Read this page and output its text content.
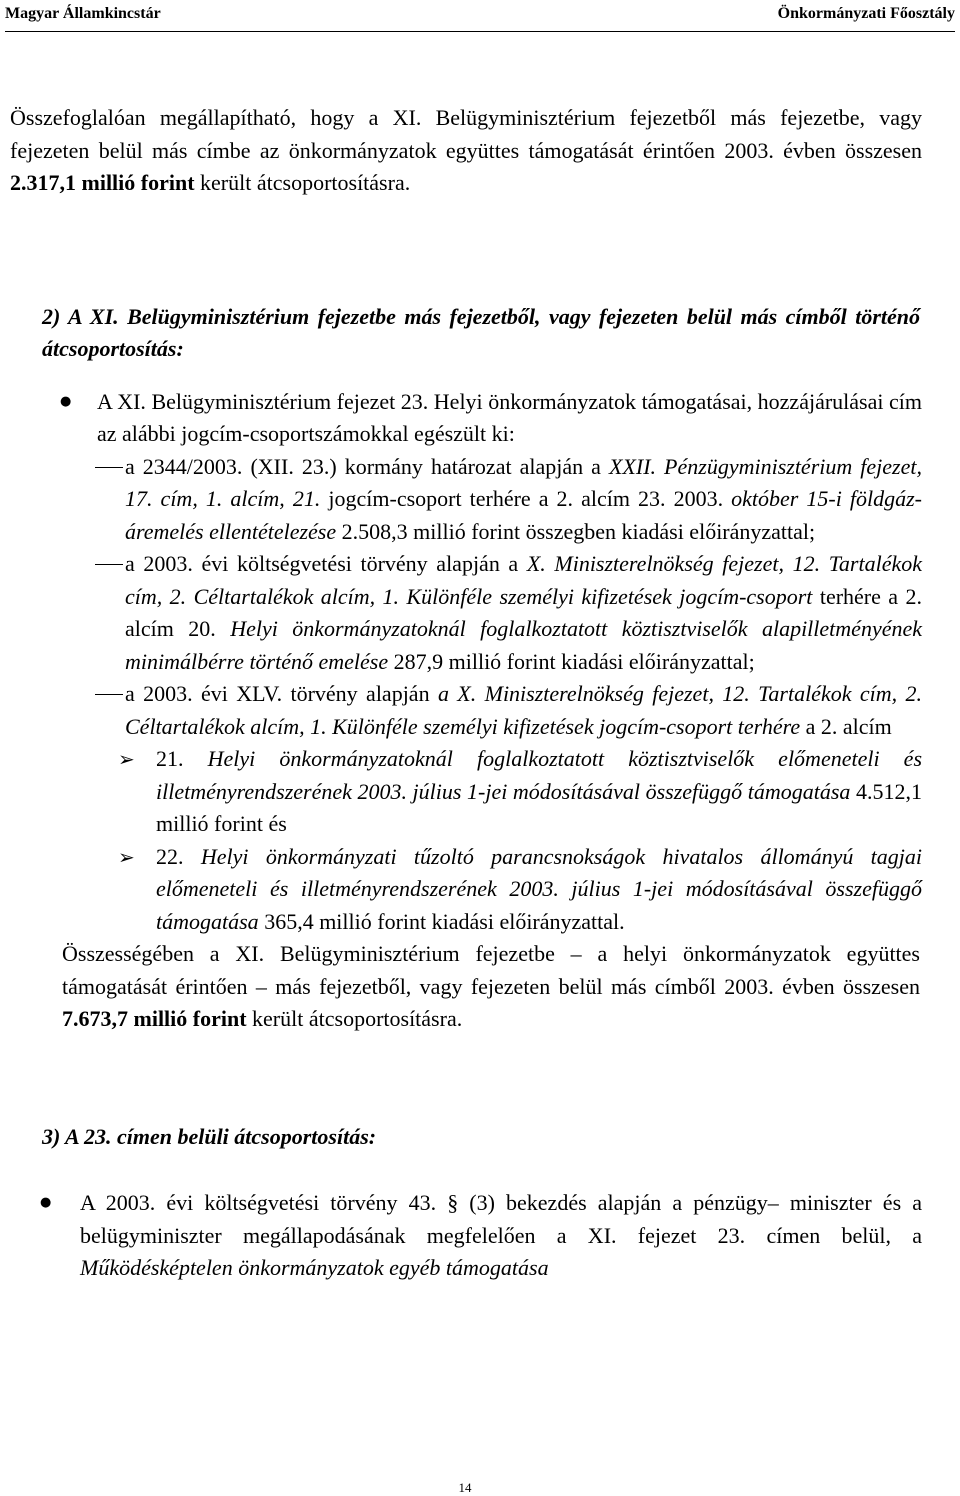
Magyar Államkincstár	Önkormányzati Főosztály

Összefoglalóan megállapítható, hogy a XI. Belügyminisztérium fejezetből más fejezetbe, vagy fejezeten belül más címbe az önkormányzatok együttes támogatását érintően 2003. évben összesen 2.317,1 millió forint került átcsoportosításra.

2) A XI. Belügyminisztérium fejezetbe más fejezetből, vagy fejezeten belül más címből történő átcsoportosítás:

●	A XI. Belügyminisztérium fejezet 23. Helyi önkormányzatok támogatásai, hozzájárulásai cím az alábbi jogcím-csoportszámokkal egészült ki:

a 2344/2003. (XII. 23.) kormány határozat alapján a XXII. Pénzügyminisztérium fejezet, 17. cím, 1. alcím, 21. jogcím-csoport terhére a 2. alcím 23. 2003. október 15-i földgáz-áremelés ellentételezése 2.508,3 millió forint összegben kiadási előirányzattal;

a 2003. évi költségvetési törvény alapján a X. Miniszterelnökség fejezet, 12. Tartalékok cím, 2. Céltartalékok alcím, 1. Különféle személyi kifizetések jogcím-csoport terhére a 2. alcím 20. Helyi önkormányzatoknál foglalkoztatott köztisztviselők alapilletményének minimálbérre történő emelése 287,9 millió forint kiadási előirányzattal;

a 2003. évi XLV. törvény alapján a X. Miniszterelnökség fejezet, 12. Tartalékok cím, 2. Céltartalékok alcím, 1. Különféle személyi kifizetések jogcím-csoport terhére a 2. alcím

➢ 21. Helyi önkormányzatoknál foglalkoztatott köztisztviselők előmeneteli és illetményrendszerének 2003. július 1-jei módosításával összefüggő támogatása 4.512,1 millió forint és

➢ 22. Helyi önkormányzati tűzoltó parancsnokságok hivatalos állományú tagjai előmeneteli és illetményrendszerének 2003. július 1-jei módosításával összefüggő támogatása 365,4 millió forint kiadási előirányzattal.

Összességében a XI. Belügyminisztérium fejezetbe – a helyi önkormányzatok együttes támogatását érintően – más fejezetből, vagy fejezeten belül más címből 2003. évben összesen 7.673,7 millió forint került átcsoportosításra.

3) A 23. címen belüli átcsoportosítás:

●	A 2003. évi költségvetési törvény 43. § (3) bekezdés alapján a pénzügy– miniszter és a belügyminiszter megállapodásának megfelelően a XI. fejezet 23. címen belül, a Működésképtelen önkormányzatok egyéb támogatása

14
